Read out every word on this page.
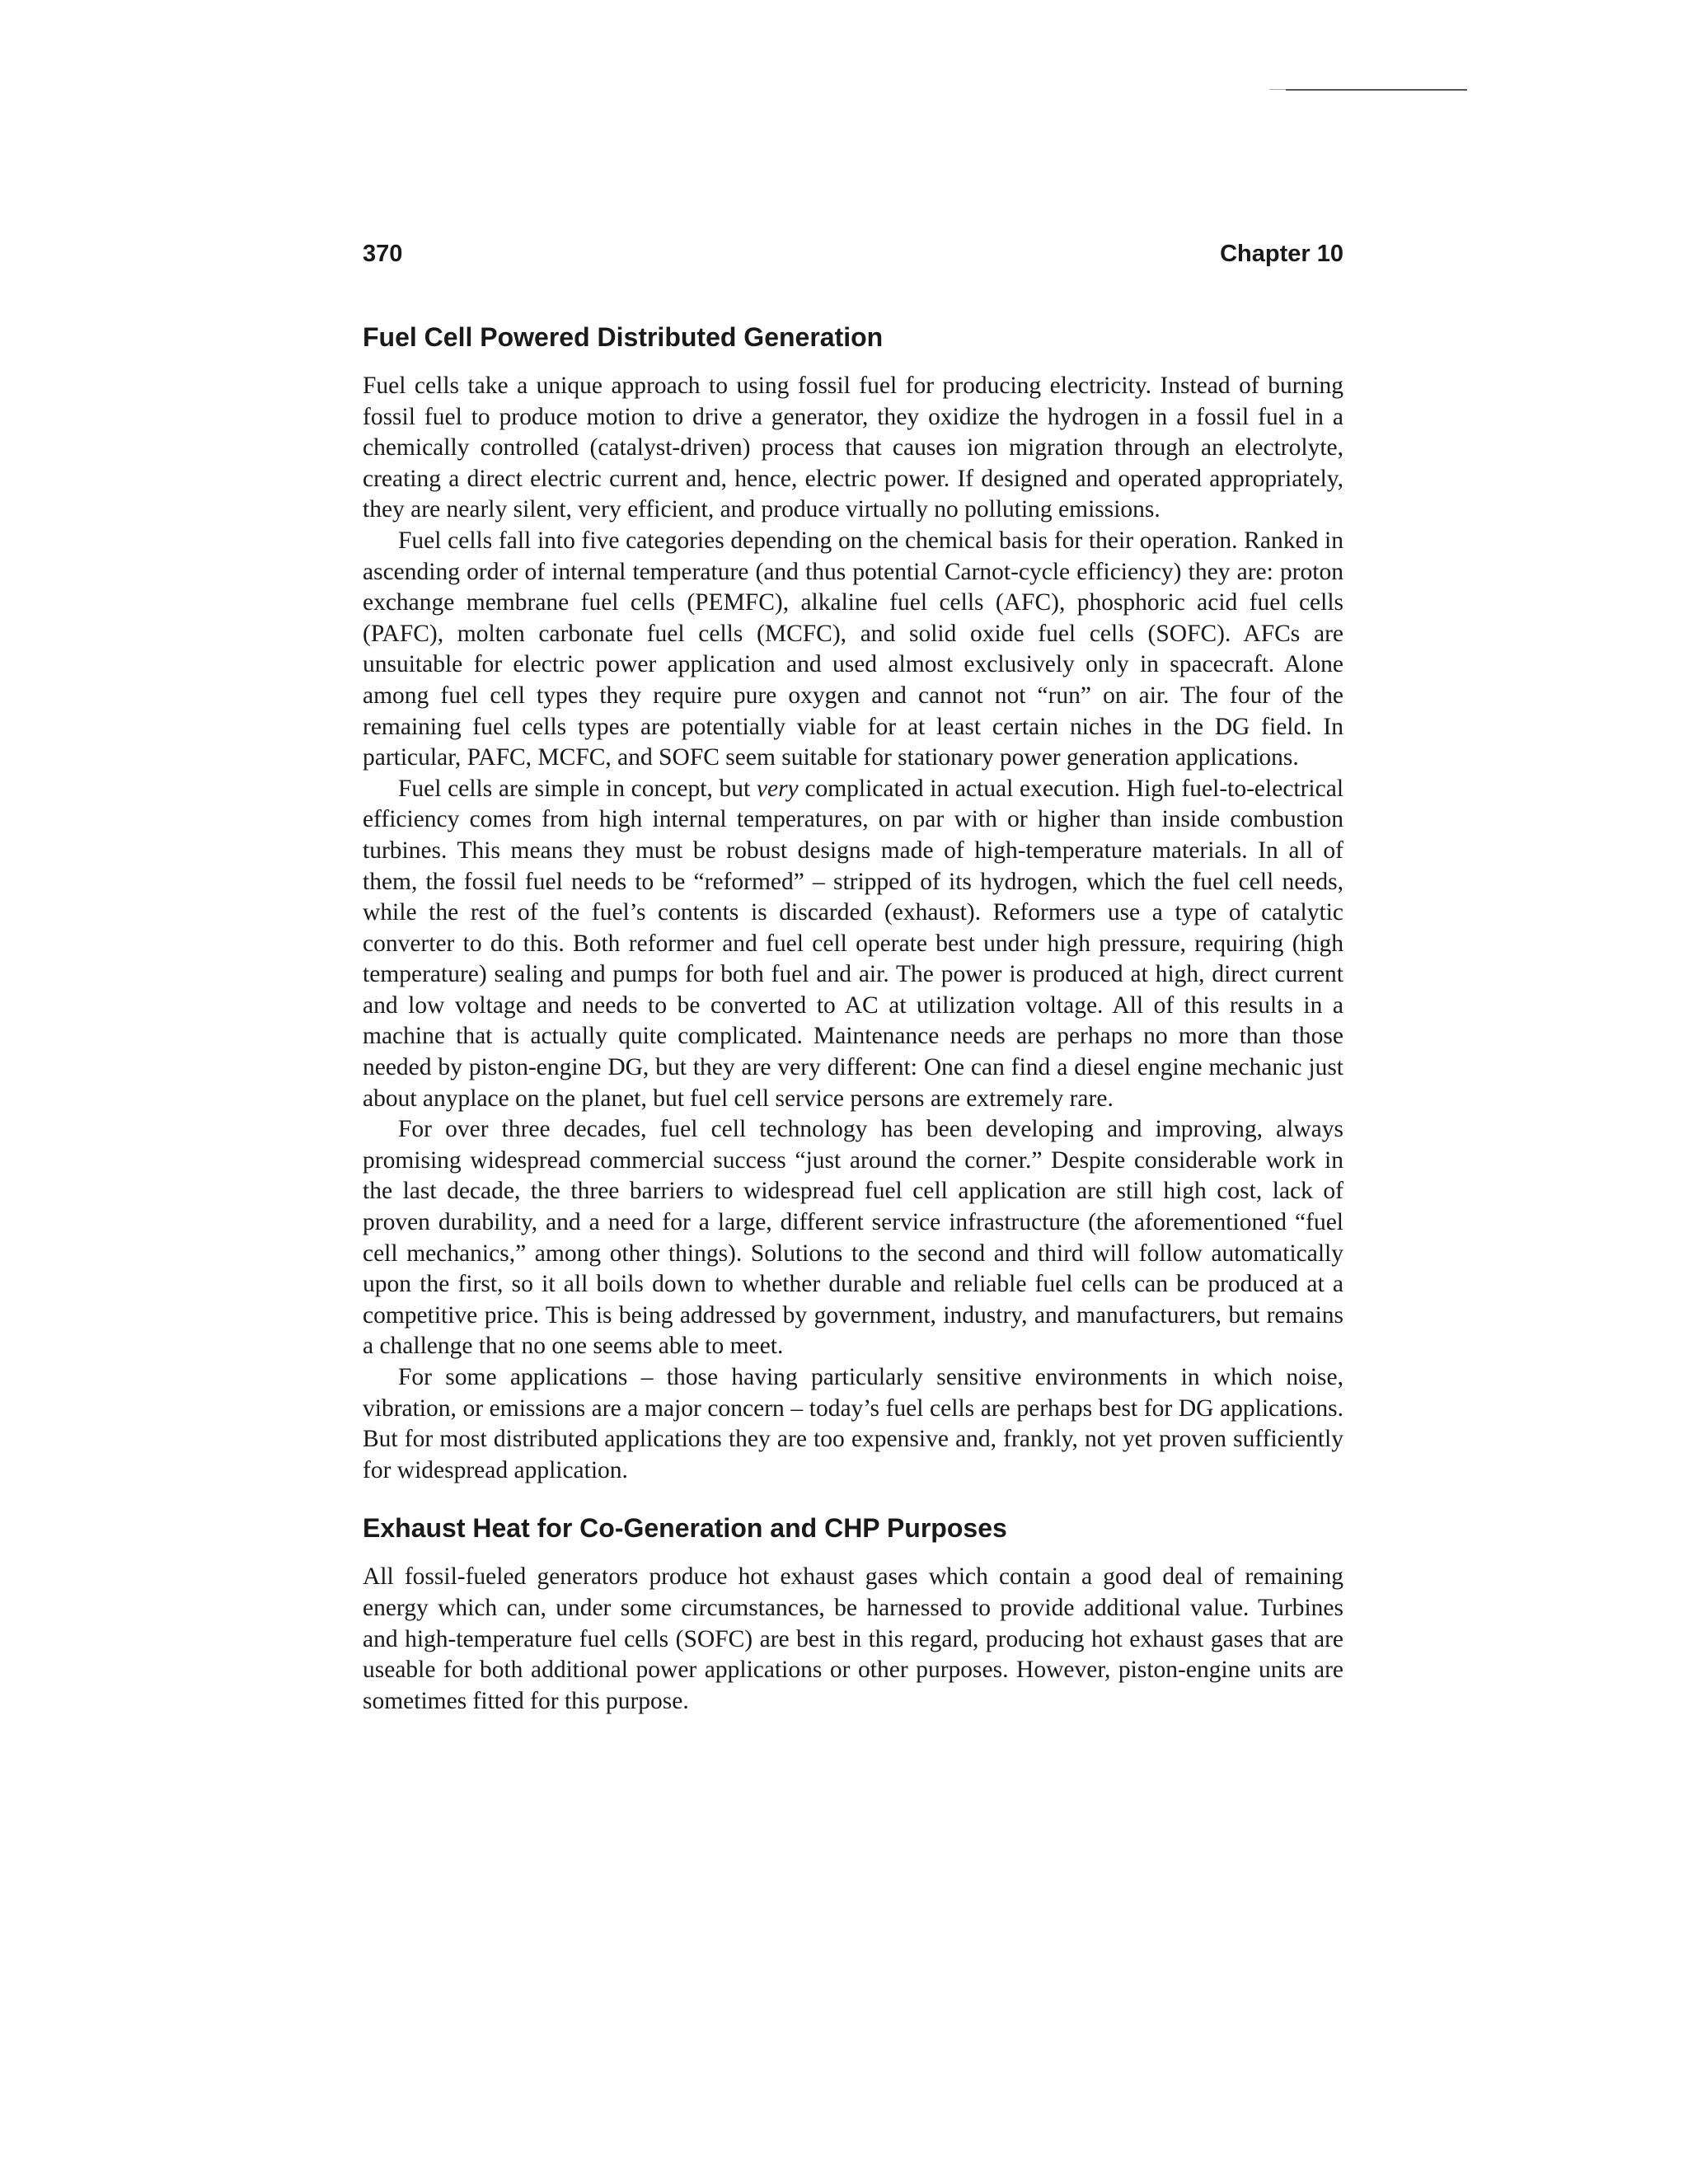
370	Chapter 10
Fuel Cell Powered Distributed Generation

Fuel cells take a unique approach to using fossil fuel for producing electricity. Instead of burning fossil fuel to produce motion to drive a generator, they oxidize the hydrogen in a fossil fuel in a chemically controlled (catalyst-driven) process that causes ion migration through an electrolyte, creating a direct electric current and, hence, electric power. If designed and operated appropriately, they are nearly silent, very efficient, and produce virtually no polluting emissions.

Fuel cells fall into five categories depending on the chemical basis for their operation. Ranked in ascending order of internal temperature (and thus potential Carnot-cycle efficiency) they are: proton exchange membrane fuel cells (PEMFC), alkaline fuel cells (AFC), phosphoric acid fuel cells (PAFC), molten carbonate fuel cells (MCFC), and solid oxide fuel cells (SOFC). AFCs are unsuitable for electric power application and used almost exclusively only in spacecraft. Alone among fuel cell types they require pure oxygen and cannot not “run” on air. The four of the remaining fuel cells types are potentially viable for at least certain niches in the DG field. In particular, PAFC, MCFC, and SOFC seem suitable for stationary power generation applications.

Fuel cells are simple in concept, but very complicated in actual execution. High fuel-to-electrical efficiency comes from high internal temperatures, on par with or higher than inside combustion turbines. This means they must be robust designs made of high-temperature materials. In all of them, the fossil fuel needs to be “reformed” – stripped of its hydrogen, which the fuel cell needs, while the rest of the fuel’s contents is discarded (exhaust). Reformers use a type of catalytic converter to do this. Both reformer and fuel cell operate best under high pressure, requiring (high temperature) sealing and pumps for both fuel and air. The power is produced at high, direct current and low voltage and needs to be converted to AC at utilization voltage. All of this results in a machine that is actually quite complicated. Maintenance needs are perhaps no more than those needed by piston-engine DG, but they are very different: One can find a diesel engine mechanic just about anyplace on the planet, but fuel cell service persons are extremely rare.

For over three decades, fuel cell technology has been developing and improving, always promising widespread commercial success “just around the corner.” Despite considerable work in the last decade, the three barriers to widespread fuel cell application are still high cost, lack of proven durability, and a need for a large, different service infrastructure (the aforementioned “fuel cell mechanics,” among other things). Solutions to the second and third will follow automatically upon the first, so it all boils down to whether durable and reliable fuel cells can be produced at a competitive price. This is being addressed by government, industry, and manufacturers, but remains a challenge that no one seems able to meet.

For some applications – those having particularly sensitive environments in which noise, vibration, or emissions are a major concern – today’s fuel cells are perhaps best for DG applications. But for most distributed applications they are too expensive and, frankly, not yet proven sufficiently for widespread application.

Exhaust Heat for Co-Generation and CHP Purposes

All fossil-fueled generators produce hot exhaust gases which contain a good deal of remaining energy which can, under some circumstances, be harnessed to provide additional value. Turbines and high-temperature fuel cells (SOFC) are best in this regard, producing hot exhaust gases that are useable for both additional power applications or other purposes. However, piston-engine units are sometimes fitted for this purpose.
